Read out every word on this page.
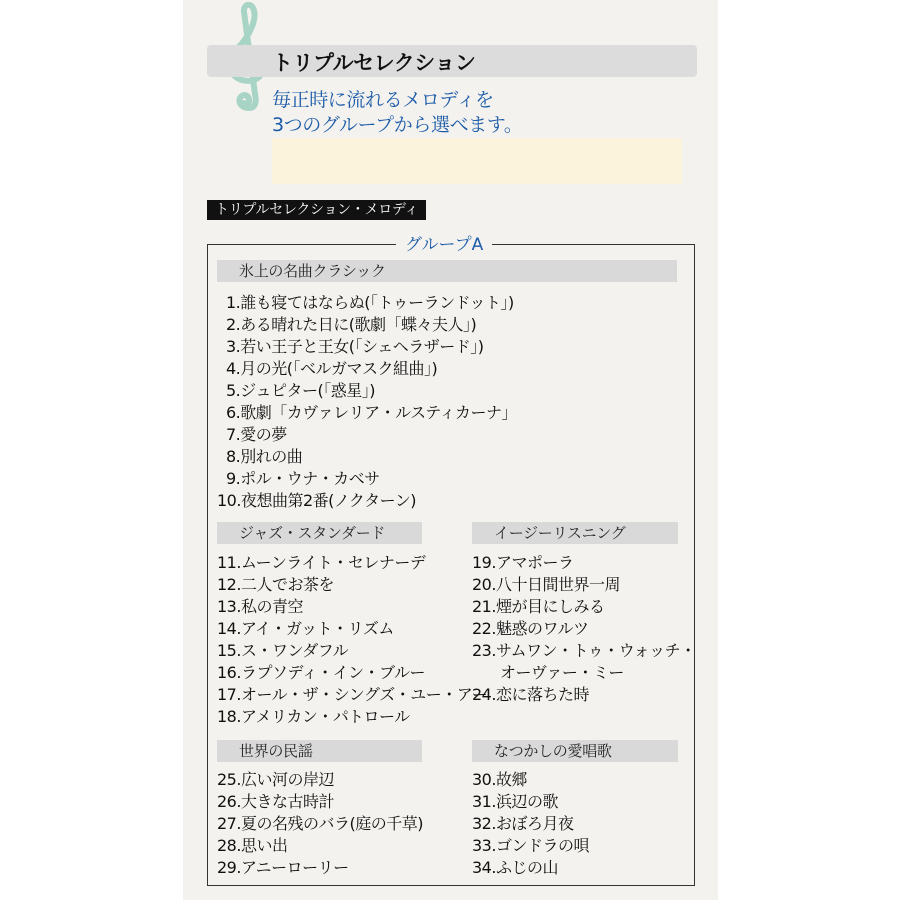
トリプルセレクション
毎正時に流れるメロディを
3つのグループから選べます。
トリプルセレクション・メロディ
グループA
氷上の名曲クラシック
1.誰も寝てはならぬ(「トゥーランドット」)
2.ある晴れた日に(歌劇「蝶々夫人」)
3.若い王子と王女(「シェヘラザード」)
4.月の光(「ベルガマスク組曲」)
5.ジュピター(「惑星」)
6.歌劇「カヴァレリア・ルスティカーナ」
7.愛の夢
8.別れの曲
9.ポル・ウナ・カベサ
10.夜想曲第2番(ノクターン)
ジャズ・スタンダード
11.ムーンライト・セレナーデ
12.二人でお茶を
13.私の青空
14.アイ・ガット・リズム
15.ス・ワンダフル
16.ラプソディ・イン・ブルー
17.オール・ザ・シングズ・ユー・アー
18.アメリカン・パトロール
イージーリスニング
19.アマポーラ
20.八十日間世界一周
21.煙が目にしみる
22.魅惑のワルツ
23.サムワン・トゥ・ウォッチ・
オーヴァー・ミー
24.恋に落ちた時
世界の民謡
25.広い河の岸辺
26.大きな古時計
27.夏の名残のバラ(庭の千草)
28.思い出
29.アニーローリー
なつかしの愛唱歌
30.故郷
31.浜辺の歌
32.おぼろ月夜
33.ゴンドラの唄
34.ふじの山
